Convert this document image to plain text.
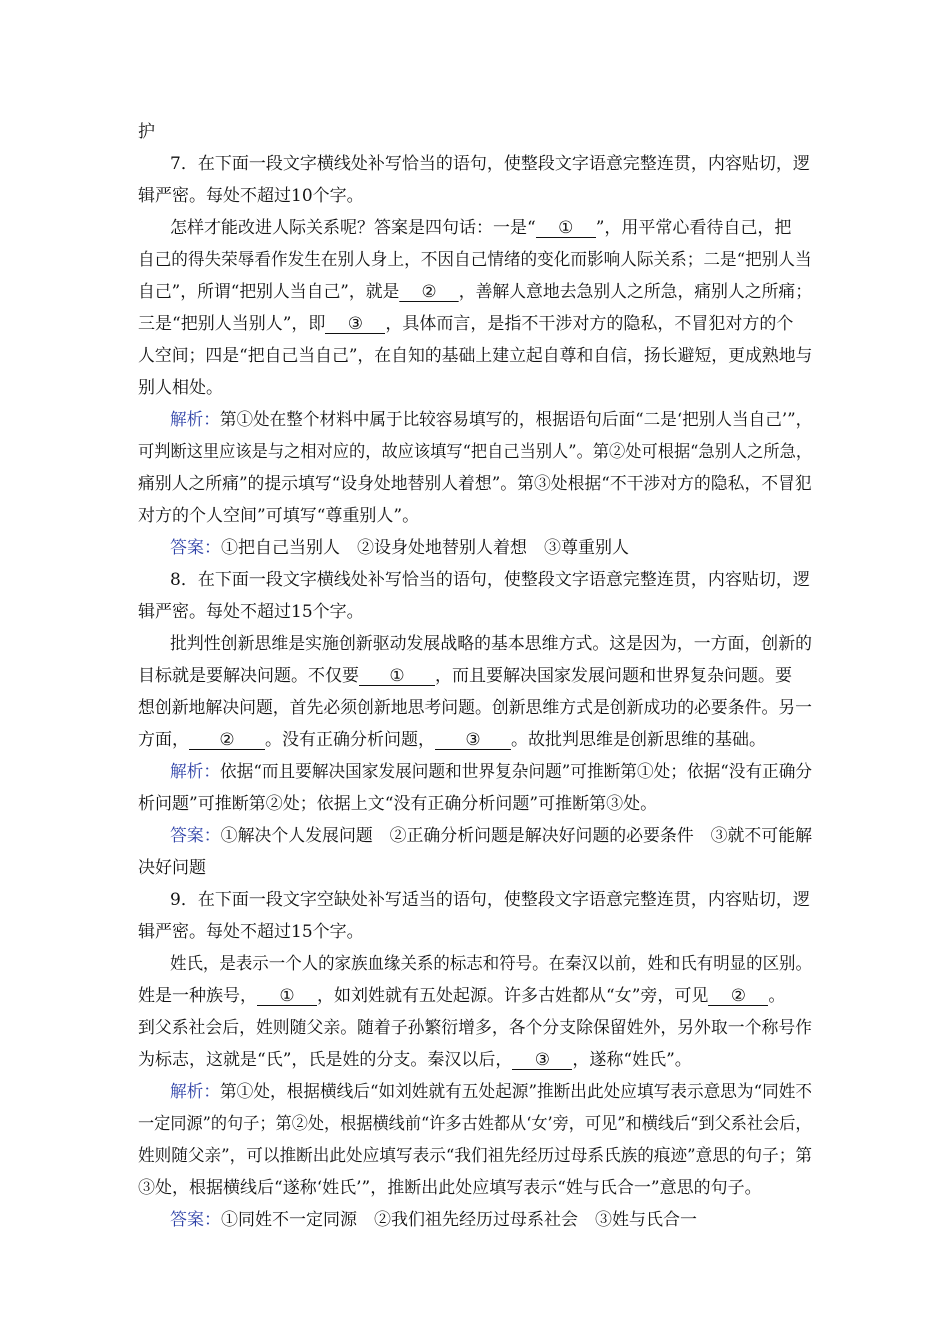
护

7．在下面一段文字横线处补写恰当的语句，使整段文字语意完整连贯，内容贴切，逻

辑严密。每处不超过10个字。

怎样才能改进人际关系呢？答案是四句话：一是“ ① ”，用平常心看待自己，把

自己的得失荣辱看作发生在别人身上，不因自己情绪的变化而影响人际关系；二是“把别人当

自己”，所谓“把别人当自己”，就是 ② ，善解人意地去急别人之所急，痛别人之所痛；

三是“把别人当别人”，即 ③ ，具体而言，是指不干涉对方的隐私，不冒犯对方的个

人空间；四是“把自己当自己”，在自知的基础上建立起自尊和自信，扬长避短，更成熟地与

别人相处。

解析：第①处在整个材料中属于比较容易填写的，根据语句后面“二是‘把别人当自己’”，

可判断这里应该是与之相对应的，故应该填写“把自己当别人”。第②处可根据“急别人之所急，

痛别人之所痛”的提示填写“设身处地替别人着想”。第③处根据“不干涉对方的隐私，不冒犯

对方的个人空间”可填写“尊重别人”。

答案：①把自己当别人　②设身处地替别人着想　③尊重别人

8．在下面一段文字横线处补写恰当的语句，使整段文字语意完整连贯，内容贴切，逻

辑严密。每处不超过15个字。

批判性创新思维是实施创新驱动发展战略的基本思维方式。这是因为，一方面，创新的

目标就是要解决问题。不仅要 ① ，而且要解决国家发展问题和世界复杂问题。要

想创新地解决问题，首先必须创新地思考问题。创新思维方式是创新成功的必要条件。另一

方面， ② 。没有正确分析问题， ③ 。故批判思维是创新思维的基础。

解析：依据“而且要解决国家发展问题和世界复杂问题”可推断第①处；依据“没有正确分

析问题”可推断第②处；依据上文“没有正确分析问题”可推断第③处。

答案：①解决个人发展问题　②正确分析问题是解决好问题的必要条件　③就不可能解

决好问题

9．在下面一段文字空缺处补写适当的语句，使整段文字语意完整连贯，内容贴切，逻

辑严密。每处不超过15个字。

姓氏，是表示一个人的家族血缘关系的标志和符号。在秦汉以前，姓和氏有明显的区别。

姓是一种族号， ① ，如刘姓就有五处起源。许多古姓都从“女”旁，可见 ② 。

到父系社会后，姓则随父亲。随着子孙繁衍增多，各个分支除保留姓外，另外取一个称号作

为标志，这就是“氏”，氏是姓的分支。秦汉以后， ③ ，遂称“姓氏”。

解析：第①处，根据横线后“如刘姓就有五处起源”推断出此处应填写表示意思为“同姓不

一定同源”的句子；第②处，根据横线前“许多古姓都从‘女’旁，可见”和横线后“到父系社会后，

姓则随父亲”，可以推断出此处应填写表示“我们祖先经历过母系氏族的痕迹”意思的句子；第

③处，根据横线后“遂称‘姓氏’”，推断出此处应填写表示“姓与氏合一”意思的句子。

答案：①同姓不一定同源　②我们祖先经历过母系社会　③姓与氏合一
